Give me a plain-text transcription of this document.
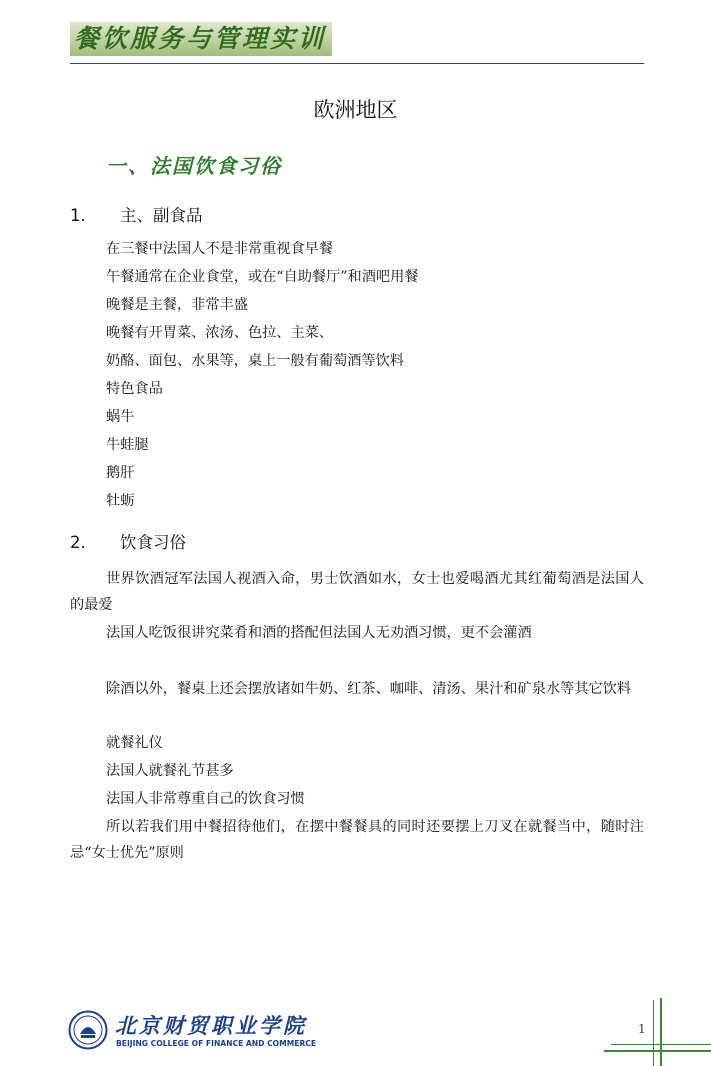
餐饮服务与管理实训
欧洲地区
一、法国饮食习俗
1. 主、副食品
在三餐中法国人不是非常重视食早餐
午餐通常在企业食堂，或在“自助餐厅”和酒吧用餐
晚餐是主餐，非常丰盛
晚餐有开胃菜、浓汤、色拉、主菜、
奶酪、面包、水果等，桌上一般有葡萄酒等饮料
特色食品
蜗牛
牛蛙腿
鹅肝
牡蛎
2. 饮食习俗
世界饮酒冠军法国人视酒入命，男士饮酒如水，女士也爱喝酒尤其红葡萄酒是法国人的最爱
法国人吃饭很讲究菜肴和酒的搭配但法国人无劝酒习惯，更不会灌酒
除酒以外，餐桌上还会摆放诸如牛奶、红茶、咖啡、清汤、果汁和矿泉水等其它饮料
就餐礼仪
法国人就餐礼节甚多
法国人非常尊重自己的饮食习惯
所以若我们用中餐招待他们，在摆中餐餐具的同时还要摆上刀叉在就餐当中，随时注忌“女士优先”原则
北京财贸职业学院
BEIJING COLLEGE OF FINANCE AND COMMERCE
1
